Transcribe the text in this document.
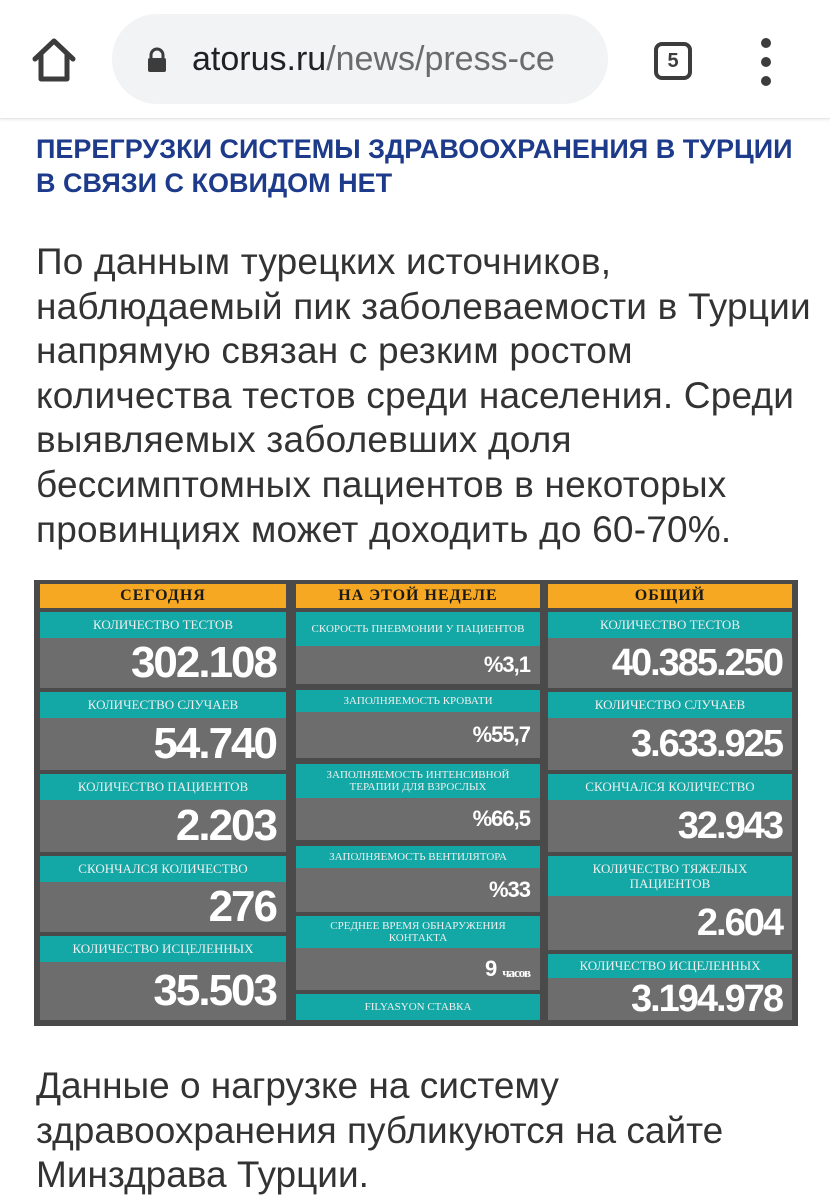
atorus.ru/news/press-ce	5
ПЕРЕГРУЗКИ СИСТЕМЫ ЗДРАВООХРАНЕНИЯ В ТУРЦИИ В СВЯЗИ С КОВИДОМ НЕТ
По данным турецких источников, наблюдаемый пик заболеваемости в Турции напрямую связан с резким ростом количества тестов среди населения. Среди выявляемых заболевших доля бессимптомных пациентов в некоторых провинциях может доходить до 60-70%.
СЕГОДНЯ
КОЛИЧЕСТВО ТЕСТОВ
302.108
КОЛИЧЕСТВО СЛУЧАЕВ
54.740
КОЛИЧЕСТВО ПАЦИЕНТОВ
2.203
СКОНЧАЛСЯ КОЛИЧЕСТВО
276
КОЛИЧЕСТВО ИСЦЕЛЕННЫХ
35.503
НА ЭТОЙ НЕДЕЛЕ
СКОРОСТЬ ПНЕВМОНИИ У ПАЦИЕНТОВ
%3,1
ЗАПОЛНЯЕМОСТЬ КРОВАТИ
%55,7
ЗАПОЛНЯЕМОСТЬ ИНТЕНСИВНОЙ ТЕРАПИИ ДЛЯ ВЗРОСЛЫХ
%66,5
ЗАПОЛНЯЕМОСТЬ ВЕНТИЛЯТОРА
%33
СРЕДНЕЕ ВРЕМЯ ОБНАРУЖЕНИЯ КОНТАКТА
9 часов
FILYASYON СТАВКА
ОБЩИЙ
КОЛИЧЕСТВО ТЕСТОВ
40.385.250
КОЛИЧЕСТВО СЛУЧАЕВ
3.633.925
СКОНЧАЛСЯ КОЛИЧЕСТВО
32.943
КОЛИЧЕСТВО ТЯЖЕЛЫХ ПАЦИЕНТОВ
2.604
КОЛИЧЕСТВО ИСЦЕЛЕННЫХ
3.194.978
Данные о нагрузке на систему здравоохранения публикуются на сайте Минздрава Турции.
